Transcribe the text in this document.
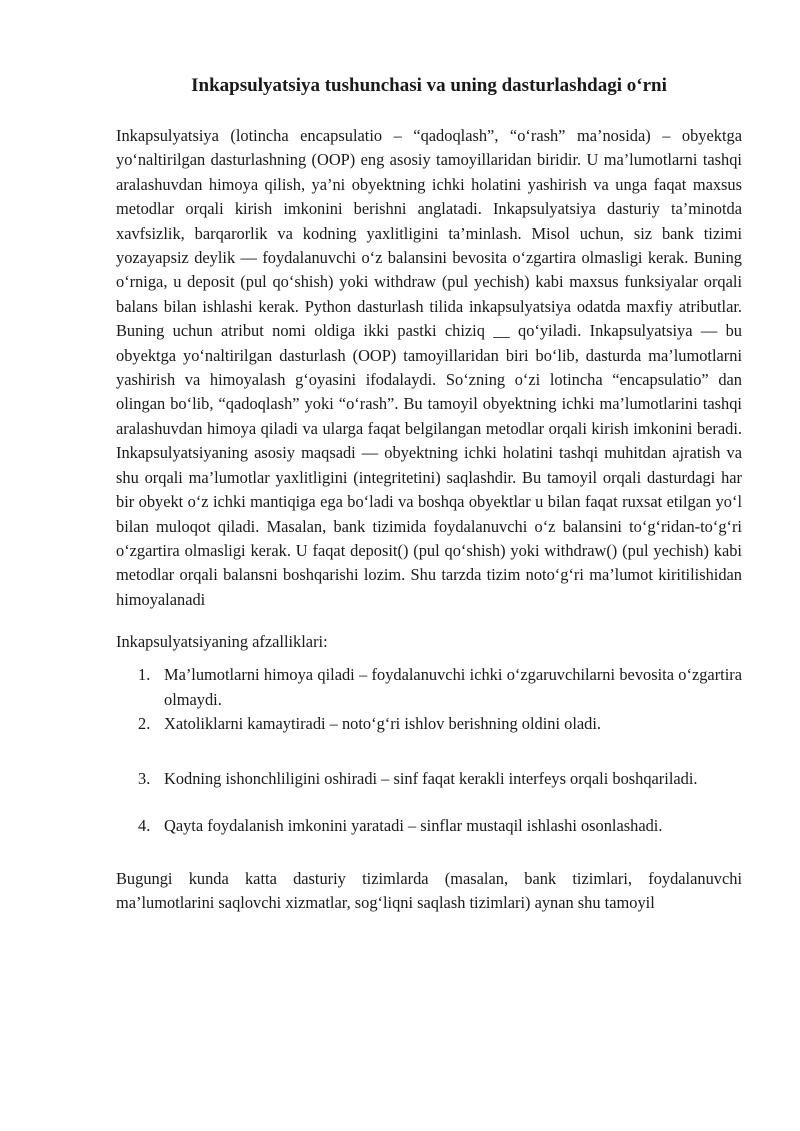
Inkapsulyatsiya tushunchasi va uning dasturlashdagi o‘rni

Inkapsulyatsiya (lotincha encapsulatio – “qadoqlash”, “o‘rash” ma’nosida) – obyektga yo‘naltirilgan dasturlashning (OOP) eng asosiy tamoyillaridan biridir. U ma’lumotlarni tashqi aralashuvdan himoya qilish, ya’ni obyektning ichki holatini yashirish va unga faqat maxsus metodlar orqali kirish imkonini berishni anglatadi. Inkapsulyatsiya dasturiy ta’minotda xavfsizlik, barqarorlik va kodning yaxlitligini ta’minlash. Misol uchun, siz bank tizimi yozayapsiz deylik — foydalanuvchi o‘z balansini bevosita o‘zgartira olmasligi kerak. Buning o‘rniga, u deposit (pul qo‘shish) yoki withdraw (pul yechish) kabi maxsus funksiyalar orqali balans bilan ishlashi kerak. Python dasturlash tilida inkapsulyatsiya odatda maxfiy atributlar. Buning uchun atribut nomi oldiga ikki pastki chiziq __ qo‘yiladi. Inkapsulyatsiya — bu obyektga yo‘naltirilgan dasturlash (OOP) tamoyillaridan biri bo‘lib, dasturda ma’lumotlarni yashirish va himoyalash g‘oyasini ifodalaydi. So‘zning o‘zi lotincha “encapsulatio” dan olingan bo‘lib, “qadoqlash” yoki “o‘rash”. Bu tamoyil obyektning ichki ma’lumotlarini tashqi aralashuvdan himoya qiladi va ularga faqat belgilangan metodlar orqali kirish imkonini beradi. Inkapsulyatsiyaning asosiy maqsadi — obyektning ichki holatini tashqi muhitdan ajratish va shu orqali ma’lumotlar yaxlitligini (integritetini) saqlashdir. Bu tamoyil orqali dasturdagi har bir obyekt o‘z ichki mantiqiga ega bo‘ladi va boshqa obyektlar u bilan faqat ruxsat etilgan yo‘l bilan muloqot qiladi. Masalan, bank tizimida foydalanuvchi o‘z balansini to‘g‘ridan-to‘g‘ri o‘zgartira olmasligi kerak. U faqat deposit() (pul qo‘shish) yoki withdraw() (pul yechish) kabi metodlar orqali balansni boshqarishi lozim. Shu tarzda tizim noto‘g‘ri ma’lumot kiritilishidan himoyalanadi

Inkapsulyatsiyaning afzalliklari:

1. Ma’lumotlarni himoya qiladi – foydalanuvchi ichki o‘zgaruvchilarni bevosita o‘zgartira olmaydi.
2. Xatoliklarni kamaytiradi – noto‘g‘ri ishlov berishning oldini oladi.
3. Kodning ishonchliligini oshiradi – sinf faqat kerakli interfeys orqali boshqariladi.
4. Qayta foydalanish imkonini yaratadi – sinflar mustaqil ishlashi osonlashadi.

Bugungi kunda katta dasturiy tizimlarda (masalan, bank tizimlari, foydalanuvchi ma’lumotlarini saqlovchi xizmatlar, sog‘liqni saqlash tizimlari) aynan shu tamoyil
